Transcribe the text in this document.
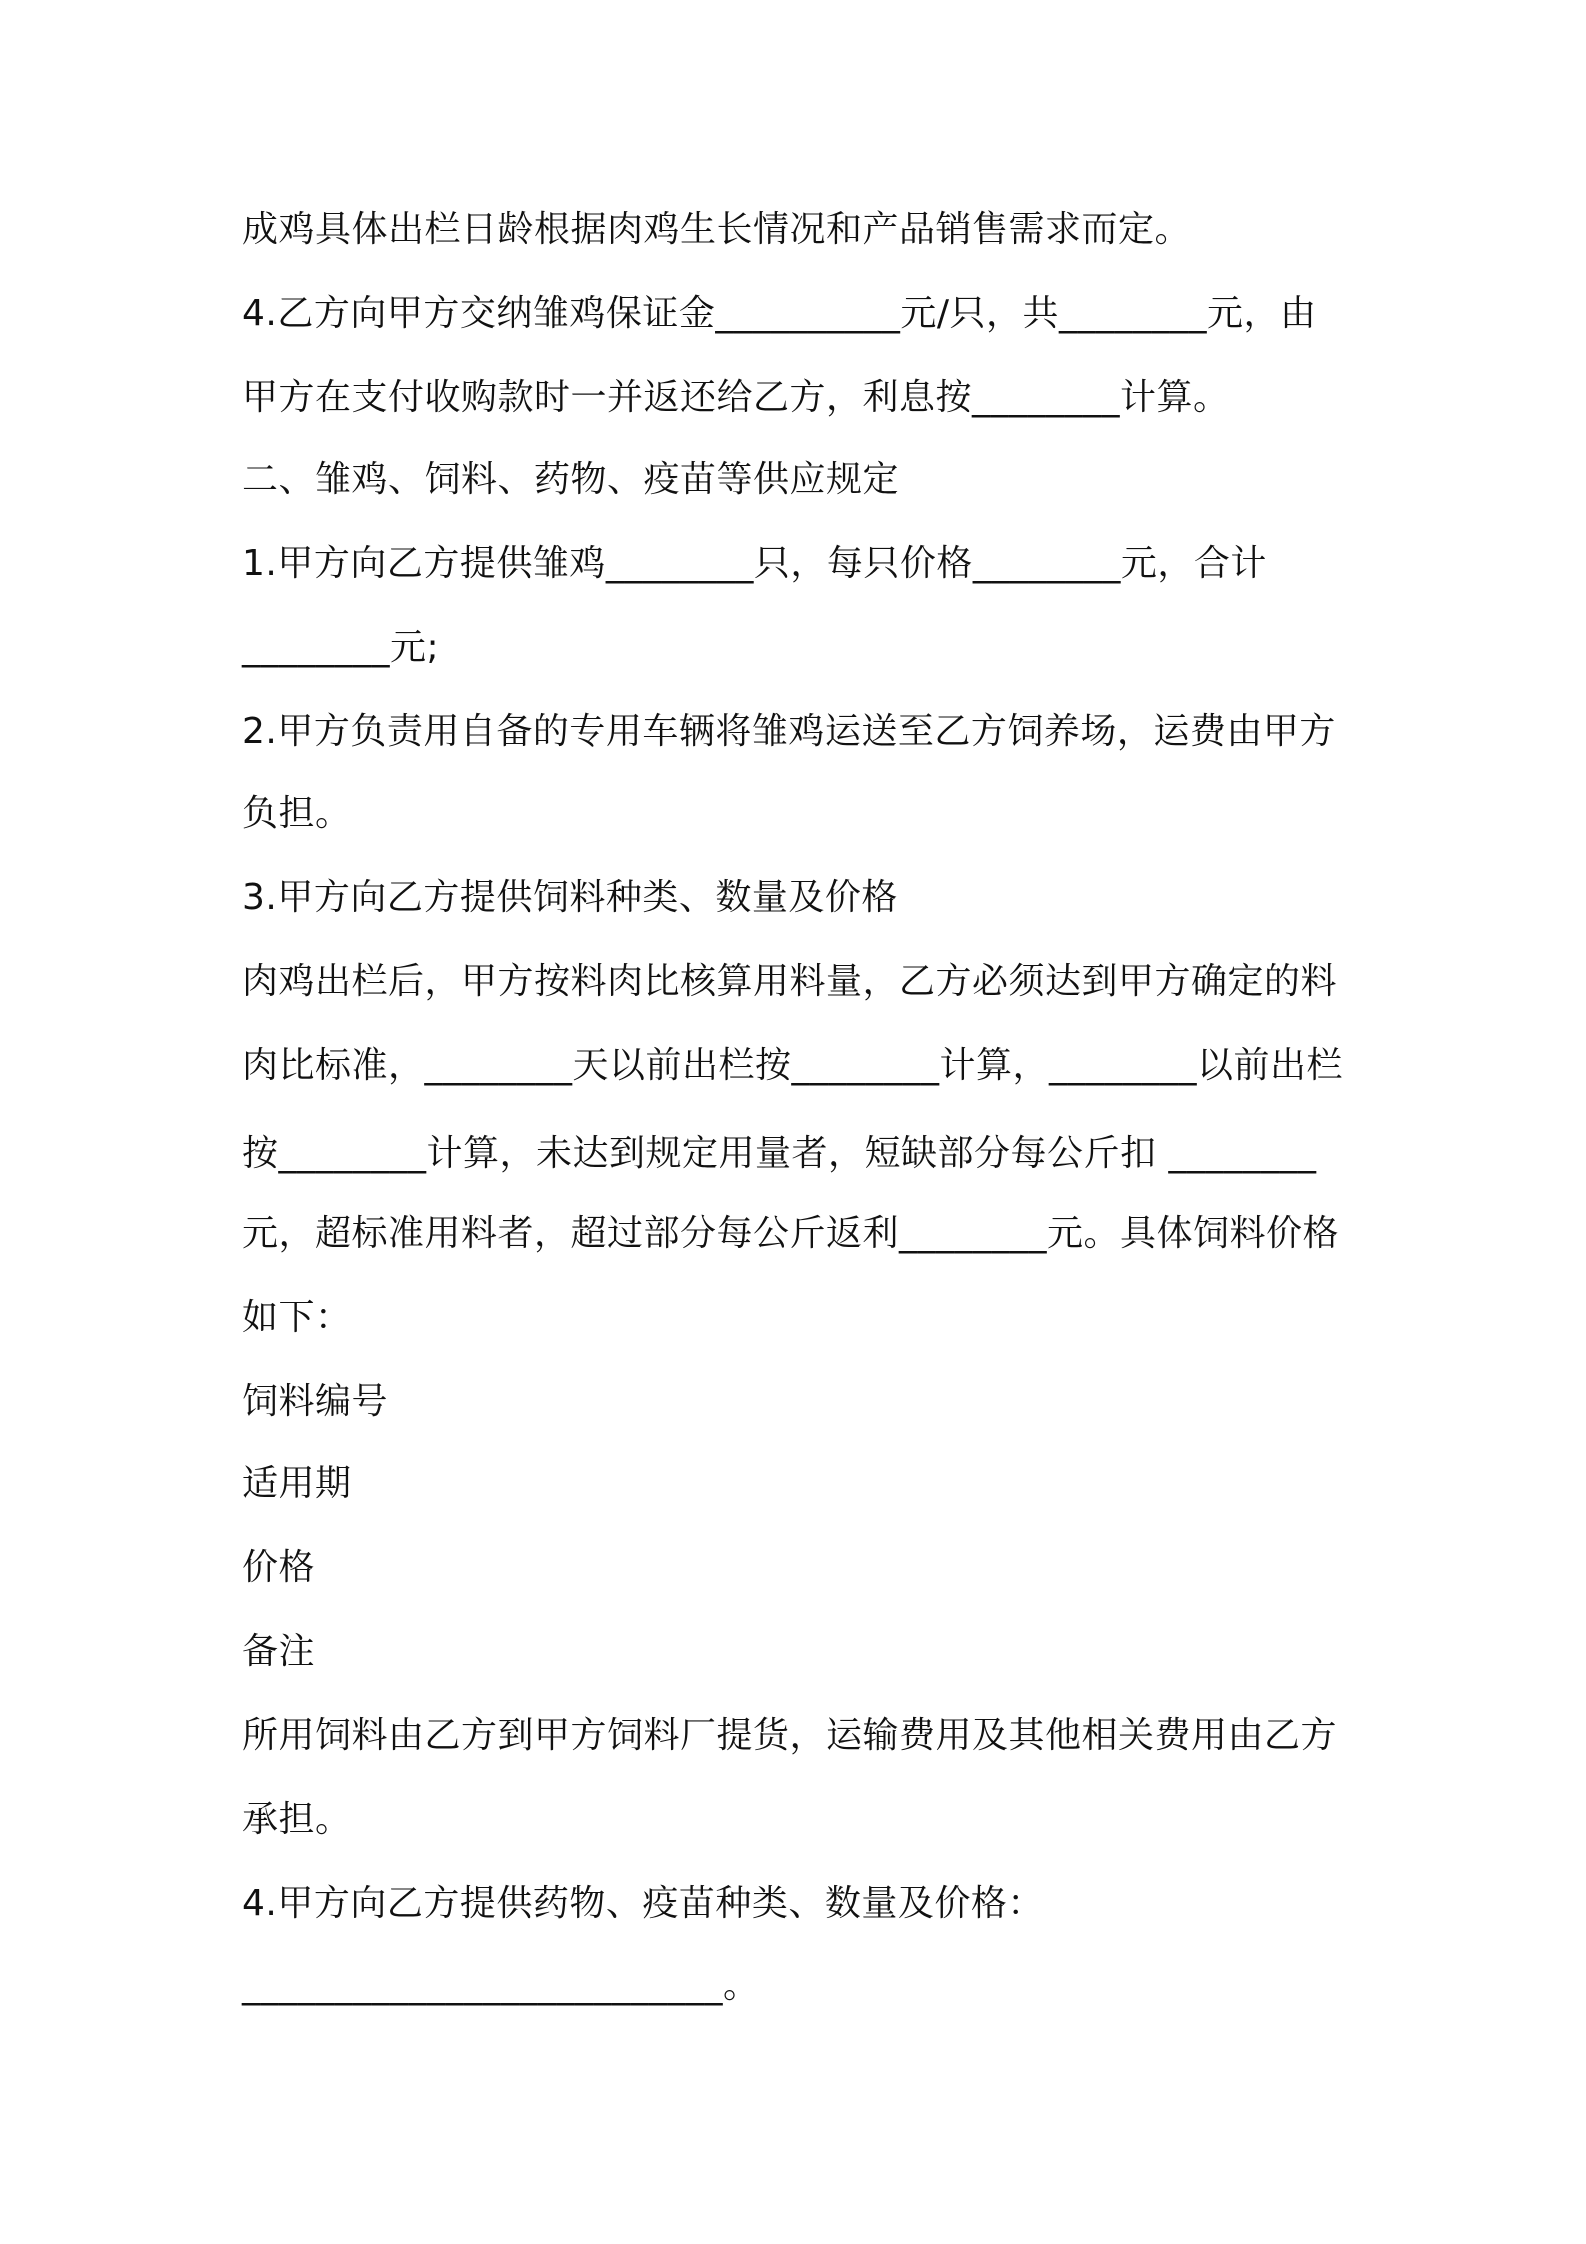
成鸡具体出栏日龄根据肉鸡生长情况和产品销售需求而定。
4.乙方向甲方交纳雏鸡保证金__________元/只，共________元，由
甲方在支付收购款时一并返还给乙方，利息按________计算。
二、雏鸡、饲料、药物、疫苗等供应规定
1.甲方向乙方提供雏鸡________只，每只价格________元，合计
________元;
2.甲方负责用自备的专用车辆将雏鸡运送至乙方饲养场，运费由甲方
负担。
3.甲方向乙方提供饲料种类、数量及价格
肉鸡出栏后，甲方按料肉比核算用料量，乙方必须达到甲方确定的料
肉比标准，________天以前出栏按________计算，________以前出栏
按________计算，未达到规定用量者，短缺部分每公斤扣 ________
元，超标准用料者，超过部分每公斤返利________元。具体饲料价格
如下：
饲料编号
适用期
价格
备注
所用饲料由乙方到甲方饲料厂提货，运输费用及其他相关费用由乙方
承担。
4.甲方向乙方提供药物、疫苗种类、数量及价格：
__________________________。
